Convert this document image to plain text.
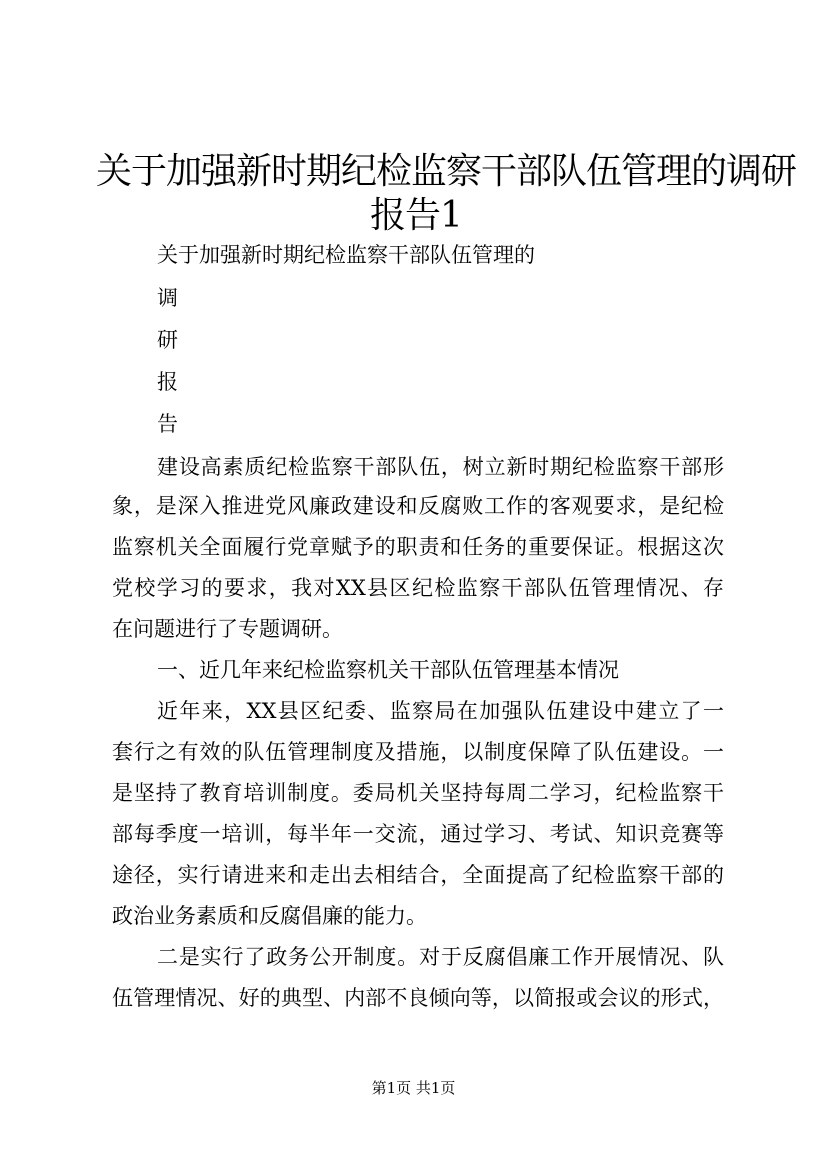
关于加强新时期纪检监察干部队伍管理的调研
报告1
关于加强新时期纪检监察干部队伍管理的
调
研
报
告
建设高素质纪检监察干部队伍，树立新时期纪检监察干部形
象，是深入推进党风廉政建设和反腐败工作的客观要求，是纪检
监察机关全面履行党章赋予的职责和任务的重要保证。根据这次
党校学习的要求，我对XX县区纪检监察干部队伍管理情况、存
在问题进行了专题调研。
一、近几年来纪检监察机关干部队伍管理基本情况
近年来，XX县区纪委、监察局在加强队伍建设中建立了一
套行之有效的队伍管理制度及措施，以制度保障了队伍建设。一
是坚持了教育培训制度。委局机关坚持每周二学习，纪检监察干
部每季度一培训，每半年一交流，通过学习、考试、知识竞赛等
途径，实行请进来和走出去相结合，全面提高了纪检监察干部的
政治业务素质和反腐倡廉的能力。
二是实行了政务公开制度。对于反腐倡廉工作开展情况、队
伍管理情况、好的典型、内部不良倾向等，以简报或会议的形式，
第1页 共1页
